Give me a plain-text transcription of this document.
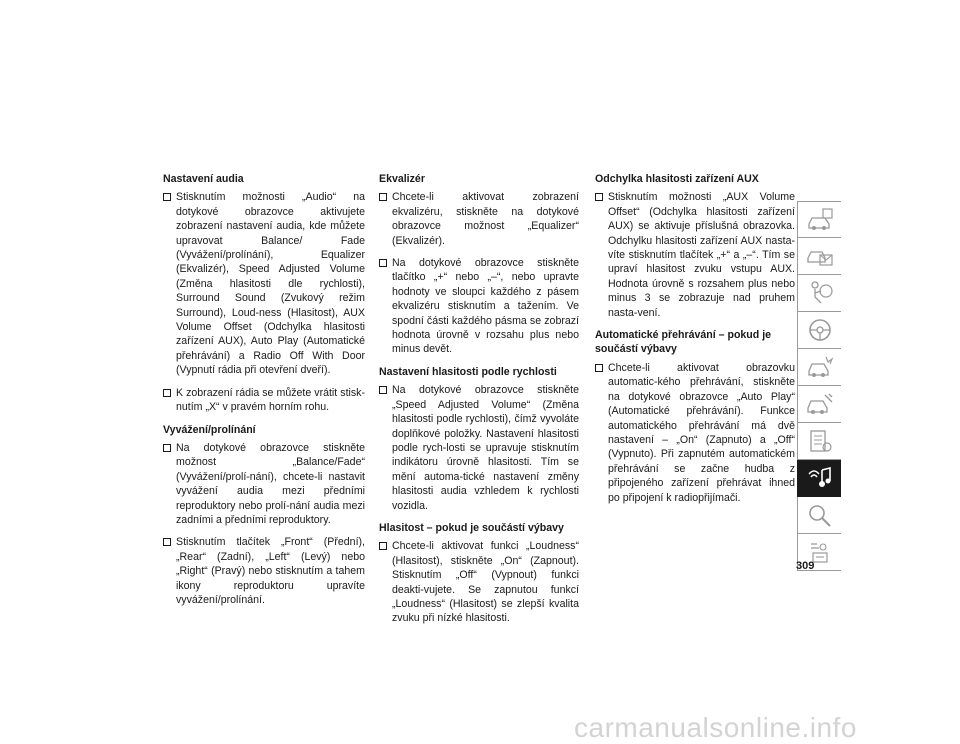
Nastavení audia
Stisknutím možnosti „Audio“ na dotykové obrazovce aktivujete zobrazení nastavení audia, kde můžete upravovat Balance/ Fade (Vyvážení/prolínání), Equalizer (Ekvalizér), Speed Adjusted Volume (Změna hlasitosti dle rychlosti), Surround Sound (Zvukový režim Surround), Loud-ness (Hlasitost), AUX Volume Offset (Odchylka hlasitosti zařízení AUX), Auto Play (Automatické přehrávání) a Radio Off With Door (Vypnutí rádia při otevření dveří).
K zobrazení rádia se můžete vrátit stisk-nutím „X“ v pravém horním rohu.
Vyvážení/prolínání
Na dotykové obrazovce stiskněte možnost „Balance/Fade“ (Vyvážení/prolí-nání), chcete-li nastavit vyvážení audia mezi předními reproduktory nebo prolí-nání audia mezi zadními a předními reproduktory.
Stisknutím tlačítek „Front“ (Přední), „Rear“ (Zadní), „Left“ (Levý) nebo „Right“ (Pravý) nebo stisknutím a tahem ikony reproduktoru upravíte vyvážení/prolínání.
Ekvalizér
Chcete-li aktivovat zobrazení ekvalizéru, stiskněte na dotykové obrazovce možnost „Equalizer“ (Ekvalizér).
Na dotykové obrazovce stiskněte tlačítko „+“ nebo „–“, nebo upravte hodnoty ve sloupci každého z pásem ekvalizéru stisknutím a tažením. Ve spodní části každého pásma se zobrazí hodnota úrovně v rozsahu plus nebo minus devět.
Nastavení hlasitosti podle rychlosti
Na dotykové obrazovce stiskněte „Speed Adjusted Volume“ (Změna hlasitosti podle rychlosti), čímž vyvoláte doplňkové položky. Nastavení hlasitosti podle rych-losti se upravuje stisknutím indikátoru úrovně hlasitosti. Tím se mění automa-tické nastavení změny hlasitosti audia vzhledem k rychlosti vozidla.
Hlasitost – pokud je součástí výbavy
Chcete-li aktivovat funkci „Loudness“ (Hlasitost), stiskněte „On“ (Zapnout). Stisknutím „Off“ (Vypnout) funkci deakti-vujete. Se zapnutou funkcí „Loudness“ (Hlasitost) se zlepší kvalita zvuku při nízké hlasitosti.
Odchylka hlasitosti zařízení AUX
Stisknutím možnosti „AUX Volume Offset“ (Odchylka hlasitosti zařízení AUX) se aktivuje příslušná obrazovka. Odchylku hlasitosti zařízení AUX nasta-víte stisknutím tlačítek „+“ a „–“. Tím se upraví hlasitost zvuku vstupu AUX. Hodnota úrovně s rozsahem plus nebo minus 3 se zobrazuje nad pruhem nasta-vení.
Automatické přehrávání – pokud je součástí výbavy
Chcete-li aktivovat obrazovku automatic-kého přehrávání, stiskněte na dotykové obrazovce „Auto Play“ (Automatické přehrávání). Funkce automatického přehrávání má dvě nastavení – „On“ (Zapnuto) a „Off“ (Vypnuto). Při zapnutém automatickém přehrávání se začne hudba z připojeného zařízení přehrávat ihned po připojení k radiopřijímači.
309
carmanualsonline.info
